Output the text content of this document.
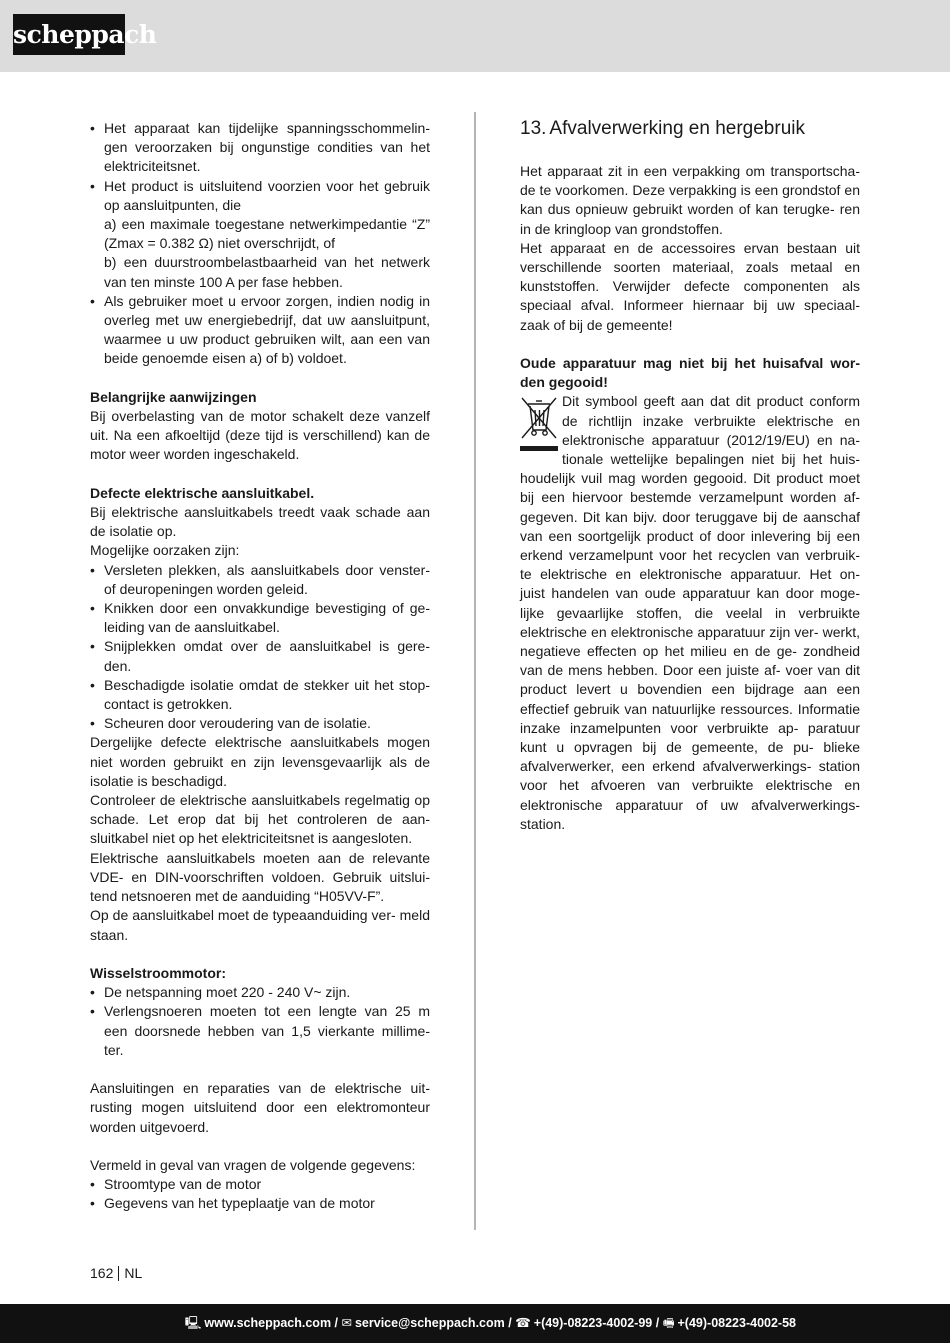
scheppach
• Het apparaat kan tijdelijke spanningsschommelin- gen veroorzaken bij ongunstige condities van het elektriciteitsnet.
• Het product is uitsluitend voorzien voor het gebruik op aansluitpunten, die
a) een maximale toegestane netwerkimpedantie “Z” (Zmax = 0.382 Ω) niet overschrijdt, of
b) een duurstroombelastbaarheid van het netwerk van ten minste 100 A per fase hebben.
• Als gebruiker moet u ervoor zorgen, indien nodig in overleg met uw energiebedrijf, dat uw aansluitpunt, waarmee u uw product gebruiken wilt, aan een van beide genoemde eisen a) of b) voldoet.

Belangrijke aanwijzingen

Bij overbelasting van de motor schakelt deze vanzelf uit. Na een afkoeltijd (deze tijd is verschillend) kan de motor weer worden ingeschakeld.

Defecte elektrische aansluitkabel.

Bij elektrische aansluitkabels treedt vaak schade aan de isolatie op.

Mogelijke oorzaken zijn:

• Versleten plekken, als aansluitkabels door venster- of deuropeningen worden geleid.
• Knikken door een onvakkundige bevestiging of ge- leiding van de aansluitkabel.
• Snijplekken omdat over de aansluitkabel is gere- den.
• Beschadigde isolatie omdat de stekker uit het stop- contact is getrokken.
• Scheuren door veroudering van de isolatie.

Dergelijke defecte elektrische aansluitkabels mogen niet worden gebruikt en zijn levensgevaarlijk als de isolatie is beschadigd.

Controleer de elektrische aansluitkabels regelmatig op schade. Let erop dat bij het controleren de aan- sluitkabel niet op het elektriciteitsnet is aangesloten.

Elektrische aansluitkabels moeten aan de relevante VDE- en DIN-voorschriften voldoen. Gebruik uitslui- tend netsnoeren met de aanduiding “H05VV-F”.

Op de aansluitkabel moet de typeaanduiding ver- meld staan.

Wisselstroommotor:

• De netspanning moet 220 - 240 V~ zijn.
• Verlengsnoeren moeten tot een lengte van 25 m een doorsnede hebben van 1,5 vierkante millime- ter.

Aansluitingen en reparaties van de elektrische uit- rusting mogen uitsluitend door een elektromonteur worden uitgevoerd.

Vermeld in geval van vragen de volgende gegevens:

• Stroomtype van de motor
• Gegevens van het typeplaatje van de motor
13. Afvalverwerking en hergebruik

Het apparaat zit in een verpakking om transportscha- de te voorkomen. Deze verpakking is een grondstof en kan dus opnieuw gebruikt worden of kan terugke- ren in de kringloop van grondstoffen.

Het apparaat en de accessoires ervan bestaan uit verschillende soorten materiaal, zoals metaal en kunststoffen. Verwijder defecte componenten als speciaal afval. Informeer hiernaar bij uw speciaal- zaak of bij de gemeente!

Oude apparatuur mag niet bij het huisafval wor- den gegooid!

Dit symbool geeft aan dat dit product conform de richtlijn inzake verbruikte elektrische en elektronische apparatuur (2012/19/EU) en na- tionale wettelijke bepalingen niet bij het huis- houdelijk vuil mag worden gegooid. Dit product moet bij een hiervoor bestemde verzamelpunt worden af- gegeven. Dit kan bijv. door teruggave bij de aanschaf van een soortgelijk product of door inlevering bij een erkend verzamelpunt voor het recyclen van verbruik- te elektrische en elektronische apparatuur. Het on- juist handelen van oude apparatuur kan door moge- lijke gevaarlijke stoffen, die veelal in verbruikte elektrische en elektronische apparatuur zijn ver- werkt, negatieve effecten op het milieu en de ge- zondheid van de mens hebben. Door een juiste af- voer van dit product levert u bovendien een bijdrage aan een effectief gebruik van natuurlijke ressources. Informatie inzake inzamelpunten voor verbruikte ap- paratuur kunt u opvragen bij de gemeente, de pu- blieke afvalverwerker, een erkend afvalverwerkings- station voor het afvoeren van verbruikte elektrische en elektronische apparatuur of uw afvalverwerkings- station.

162 NL
🖳 www.scheppach.com / ✉ service@scheppach.com / ☎ +(49)-08223-4002-99 / 🖷 +(49)-08223-4002-58
